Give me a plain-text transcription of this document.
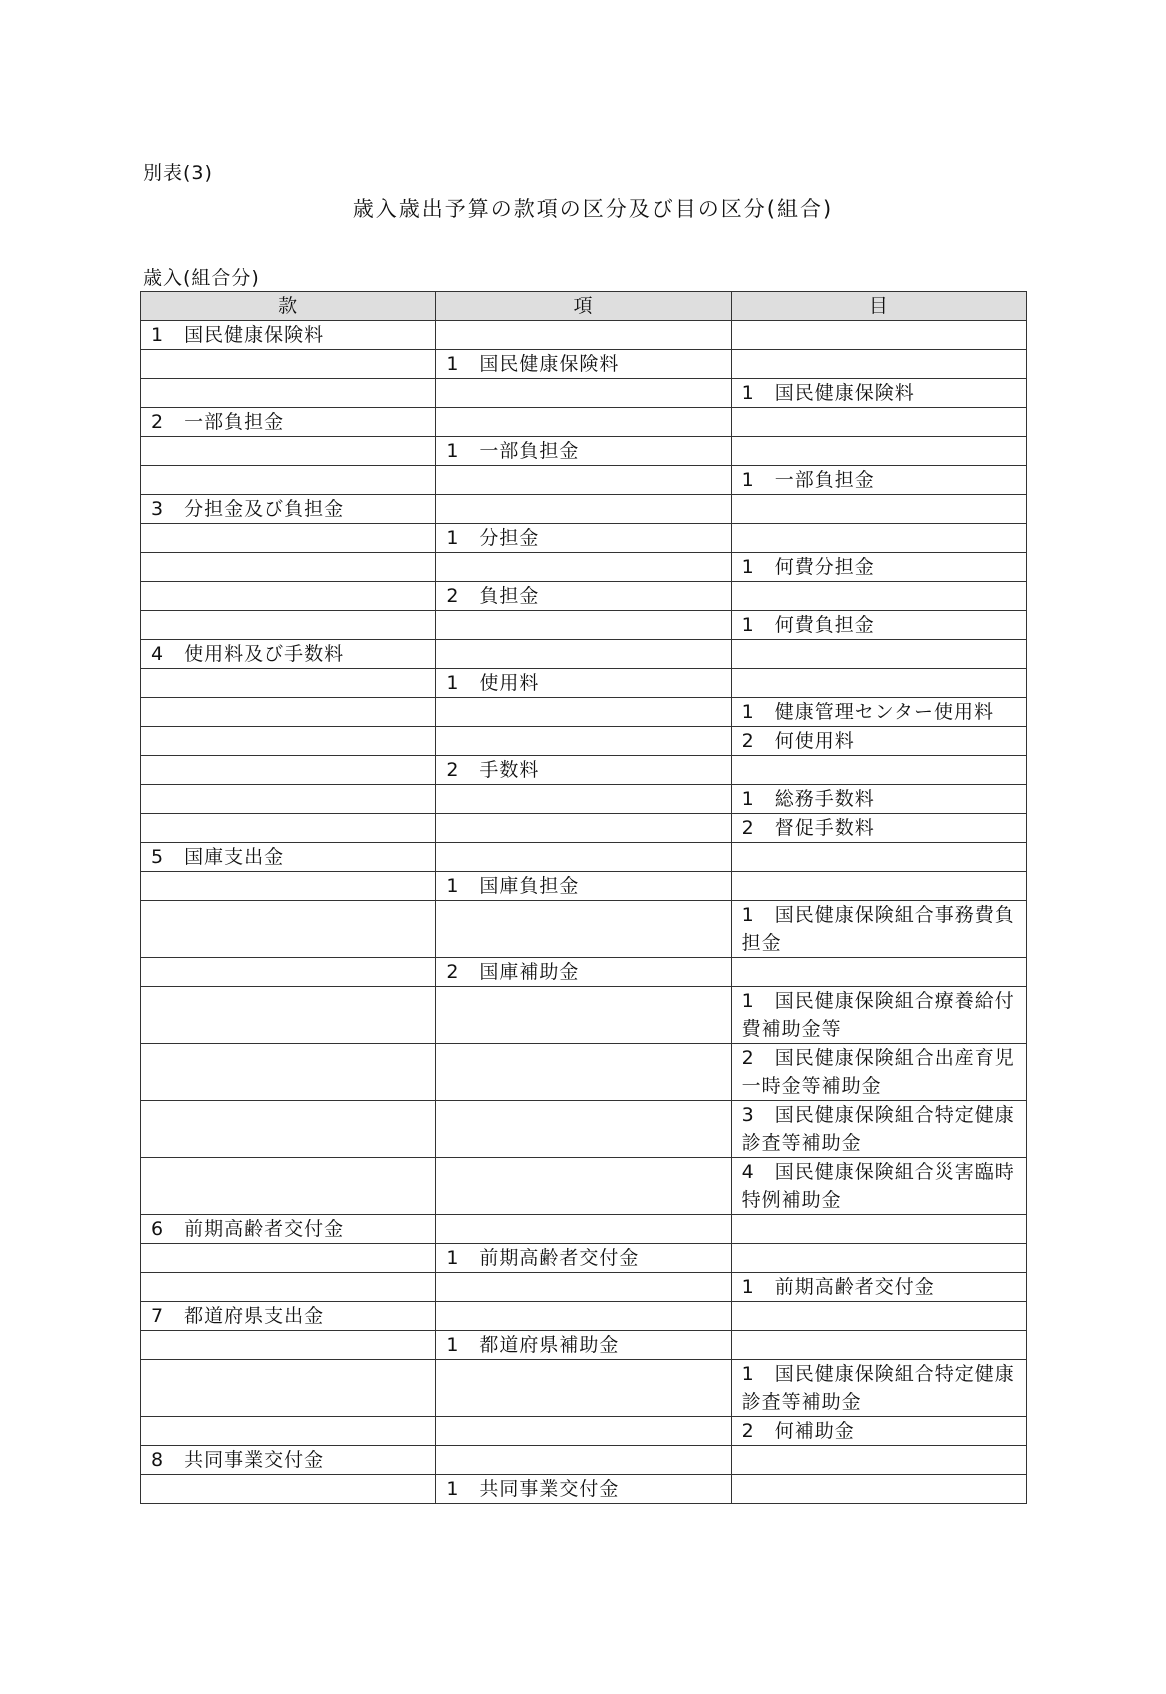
別表(3)
歳入歳出予算の款項の区分及び目の区分(組合)
歳入(組合分)
款	項	目
1　国民健康保険料		
	1　国民健康保険料	
		1　国民健康保険料
2　一部負担金		
	1　一部負担金	
		1　一部負担金
3　分担金及び負担金		
	1　分担金	
		1　何費分担金
	2　負担金	
		1　何費負担金
4　使用料及び手数料		
	1　使用料	
		1　健康管理センター使用料
		2　何使用料
	2　手数料	
		1　総務手数料
		2　督促手数料
5　国庫支出金		
	1　国庫負担金	
		1　国民健康保険組合事務費負担金
	2　国庫補助金	
		1　国民健康保険組合療養給付費補助金等
		2　国民健康保険組合出産育児一時金等補助金
		3　国民健康保険組合特定健康診査等補助金
		4　国民健康保険組合災害臨時特例補助金
6　前期高齢者交付金		
	1　前期高齢者交付金	
		1　前期高齢者交付金
7　都道府県支出金		
	1　都道府県補助金	
		1　国民健康保険組合特定健康診査等補助金
		2　何補助金
8　共同事業交付金		
	1　共同事業交付金	
